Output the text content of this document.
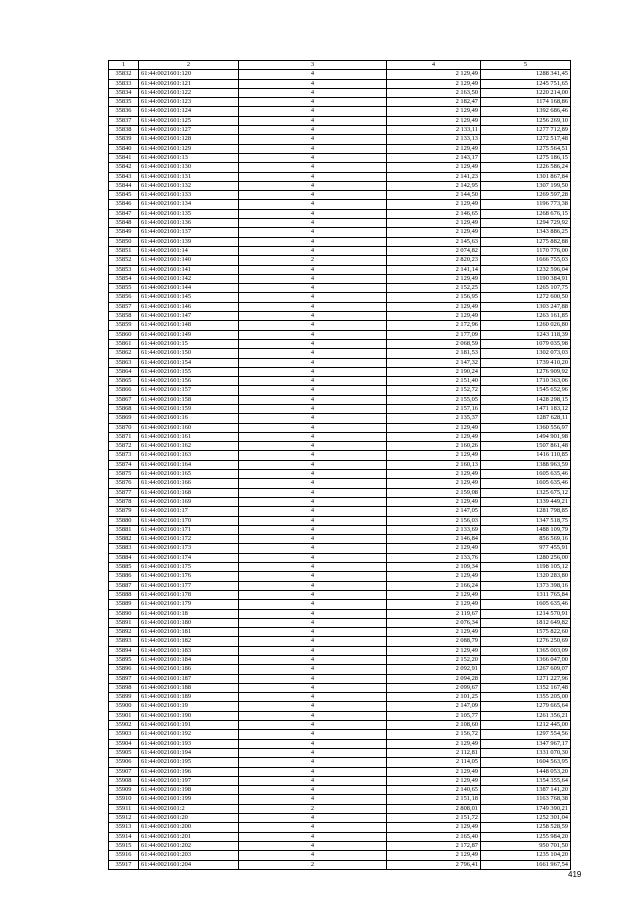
1	2	3	4	5
35832	61:44:0021601:120	4	2 129,49	1288 341,45
35833	61:44:0021601:121	4	2 129,49	1245 751,65
35834	61:44:0021601:122	4	2 163,50	1220 214,00
35835	61:44:0021601:123	4	2 182,47	1174 168,86
35836	61:44:0021601:124	4	2 129,49	1392 686,46
35837	61:44:0021601:125	4	2 129,49	1256 269,10
35838	61:44:0021601:127	4	2 133,11	1277 712,89
35839	61:44:0021601:128	4	2 133,13	1272 517,48
35840	61:44:0021601:129	4	2 129,49	1275 564,51
35841	61:44:0021601:13	4	2 143,17	1275 186,15
35842	61:44:0021601:130	4	2 129,49	1226 586,24
35843	61:44:0021601:131	4	2 141,23	1301 867,84
35844	61:44:0021601:132	4	2 142,95	1307 199,50
35845	61:44:0021601:133	4	2 144,50	1269 597,28
35846	61:44:0021601:134	4	2 129,49	1196 773,38
35847	61:44:0021601:135	4	2 146,65	1268 676,15
35848	61:44:0021601:136	4	2 129,49	1294 729,92
35849	61:44:0021601:137	4	2 129,49	1343 886,25
35850	61:44:0021601:139	4	2 145,63	1275 882,88
35851	61:44:0021601:14	4	2 074,82	1170 776,00
35852	61:44:0021601:140	2	2 820,23	1666 755,03
35853	61:44:0021601:141	4	2 141,14	1232 596,04
35854	61:44:0021601:142	4	2 129,49	1190 384,91
35855	61:44:0021601:144	4	2 152,25	1265 107,75
35856	61:44:0021601:145	4	2 156,95	1272 600,50
35857	61:44:0021601:146	4	2 129,49	1303 247,88
35858	61:44:0021601:147	4	2 129,49	1263 161,85
35859	61:44:0021601:148	4	2 172,96	1260 026,80
35860	61:44:0021601:149	4	2 177,09	1243 118,39
35861	61:44:0021601:15	4	2 068,59	1079 035,98
35862	61:44:0021601:150	4	2 181,53	1302 073,03
35863	61:44:0021601:154	4	2 147,32	1739 410,20
35864	61:44:0021601:155	4	2 190,24	1276 909,92
35865	61:44:0021601:156	4	2 151,40	1710 363,06
35866	61:44:0021601:157	4	2 152,72	1545 652,96
35867	61:44:0021601:158	4	2 155,05	1428 298,15
35868	61:44:0021601:159	4	2 157,16	1471 183,12
35869	61:44:0021601:16	4	2 135,37	1287 628,11
35870	61:44:0021601:160	4	2 129,49	1360 556,97
35871	61:44:0021601:161	4	2 129,49	1494 901,98
35872	61:44:0021601:162	4	2 160,26	1507 861,48
35873	61:44:0021601:163	4	2 129,49	1416 110,85
35874	61:44:0021601:164	4	2 160,13	1388 963,59
35875	61:44:0021601:165	4	2 129,49	1605 635,46
35876	61:44:0021601:166	4	2 129,49	1605 635,46
35877	61:44:0021601:168	4	2 159,08	1325 675,12
35878	61:44:0021601:169	4	2 129,49	1339 449,21
35879	61:44:0021601:17	4	2 147,05	1281 798,85
35880	61:44:0021601:170	4	2 156,03	1347 518,75
35881	61:44:0021601:171	4	2 133,69	1488 109,79
35882	61:44:0021601:172	4	2 146,84	856 569,16
35883	61:44:0021601:173	4	2 129,49	977 455,91
35884	61:44:0021601:174	4	2 133,76	1280 256,00
35885	61:44:0021601:175	4	2 109,34	1198 105,12
35886	61:44:0021601:176	4	2 129,49	1320 283,80
35887	61:44:0021601:177	4	2 166,24	1373 398,16
35888	61:44:0021601:178	4	2 129,49	1311 765,84
35889	61:44:0021601:179	4	2 129,49	1605 635,46
35890	61:44:0021601:18	4	2 119,67	1214 570,91
35891	61:44:0021601:180	4	2 076,34	1812 649,82
35892	61:44:0021601:181	4	2 129,49	1575 822,60
35893	61:44:0021601:182	4	2 088,79	1276 250,69
35894	61:44:0021601:183	4	2 129,49	1365 003,09
35895	61:44:0021601:184	4	2 152,20	1366 047,00
35896	61:44:0021601:186	4	2 092,91	1267 609,07
35897	61:44:0021601:187	4	2 094,28	1271 227,96
35898	61:44:0021601:188	4	2 099,67	1352 167,48
35899	61:44:0021601:189	4	2 101,25	1355 205,00
35900	61:44:0021601:19	4	2 147,09	1279 665,64
35901	61:44:0021601:190	4	2 105,77	1261 356,21
35902	61:44:0021601:191	4	2 108,60	1212 445,00
35903	61:44:0021601:192	4	2 156,72	1297 554,56
35904	61:44:0021601:193	4	2 129,49	1347 967,17
35905	61:44:0021601:194	4	2 112,81	1331 070,30
35906	61:44:0021601:195	4	2 114,05	1604 563,95
35907	61:44:0021601:196	4	2 129,49	1448 053,20
35908	61:44:0021601:197	4	2 129,49	1354 355,64
35909	61:44:0021601:198	4	2 140,65	1387 141,20
35910	61:44:0021601:199	4	2 151,18	1163 768,38
35911	61:44:0021601:2	2	2 808,01	1749 390,21
35912	61:44:0021601:20	4	2 151,72	1252 301,04
35913	61:44:0021601:200	4	2 129,49	1258 528,59
35914	61:44:0021601:201	4	2 165,40	1255 984,20
35915	61:44:0021601:202	4	2 172,87	950 701,50
35916	61:44:0021601:203	4	2 129,49	1235 104,20
35917	61:44:0021601:204	2	2 796,41	1661 967,54
419
